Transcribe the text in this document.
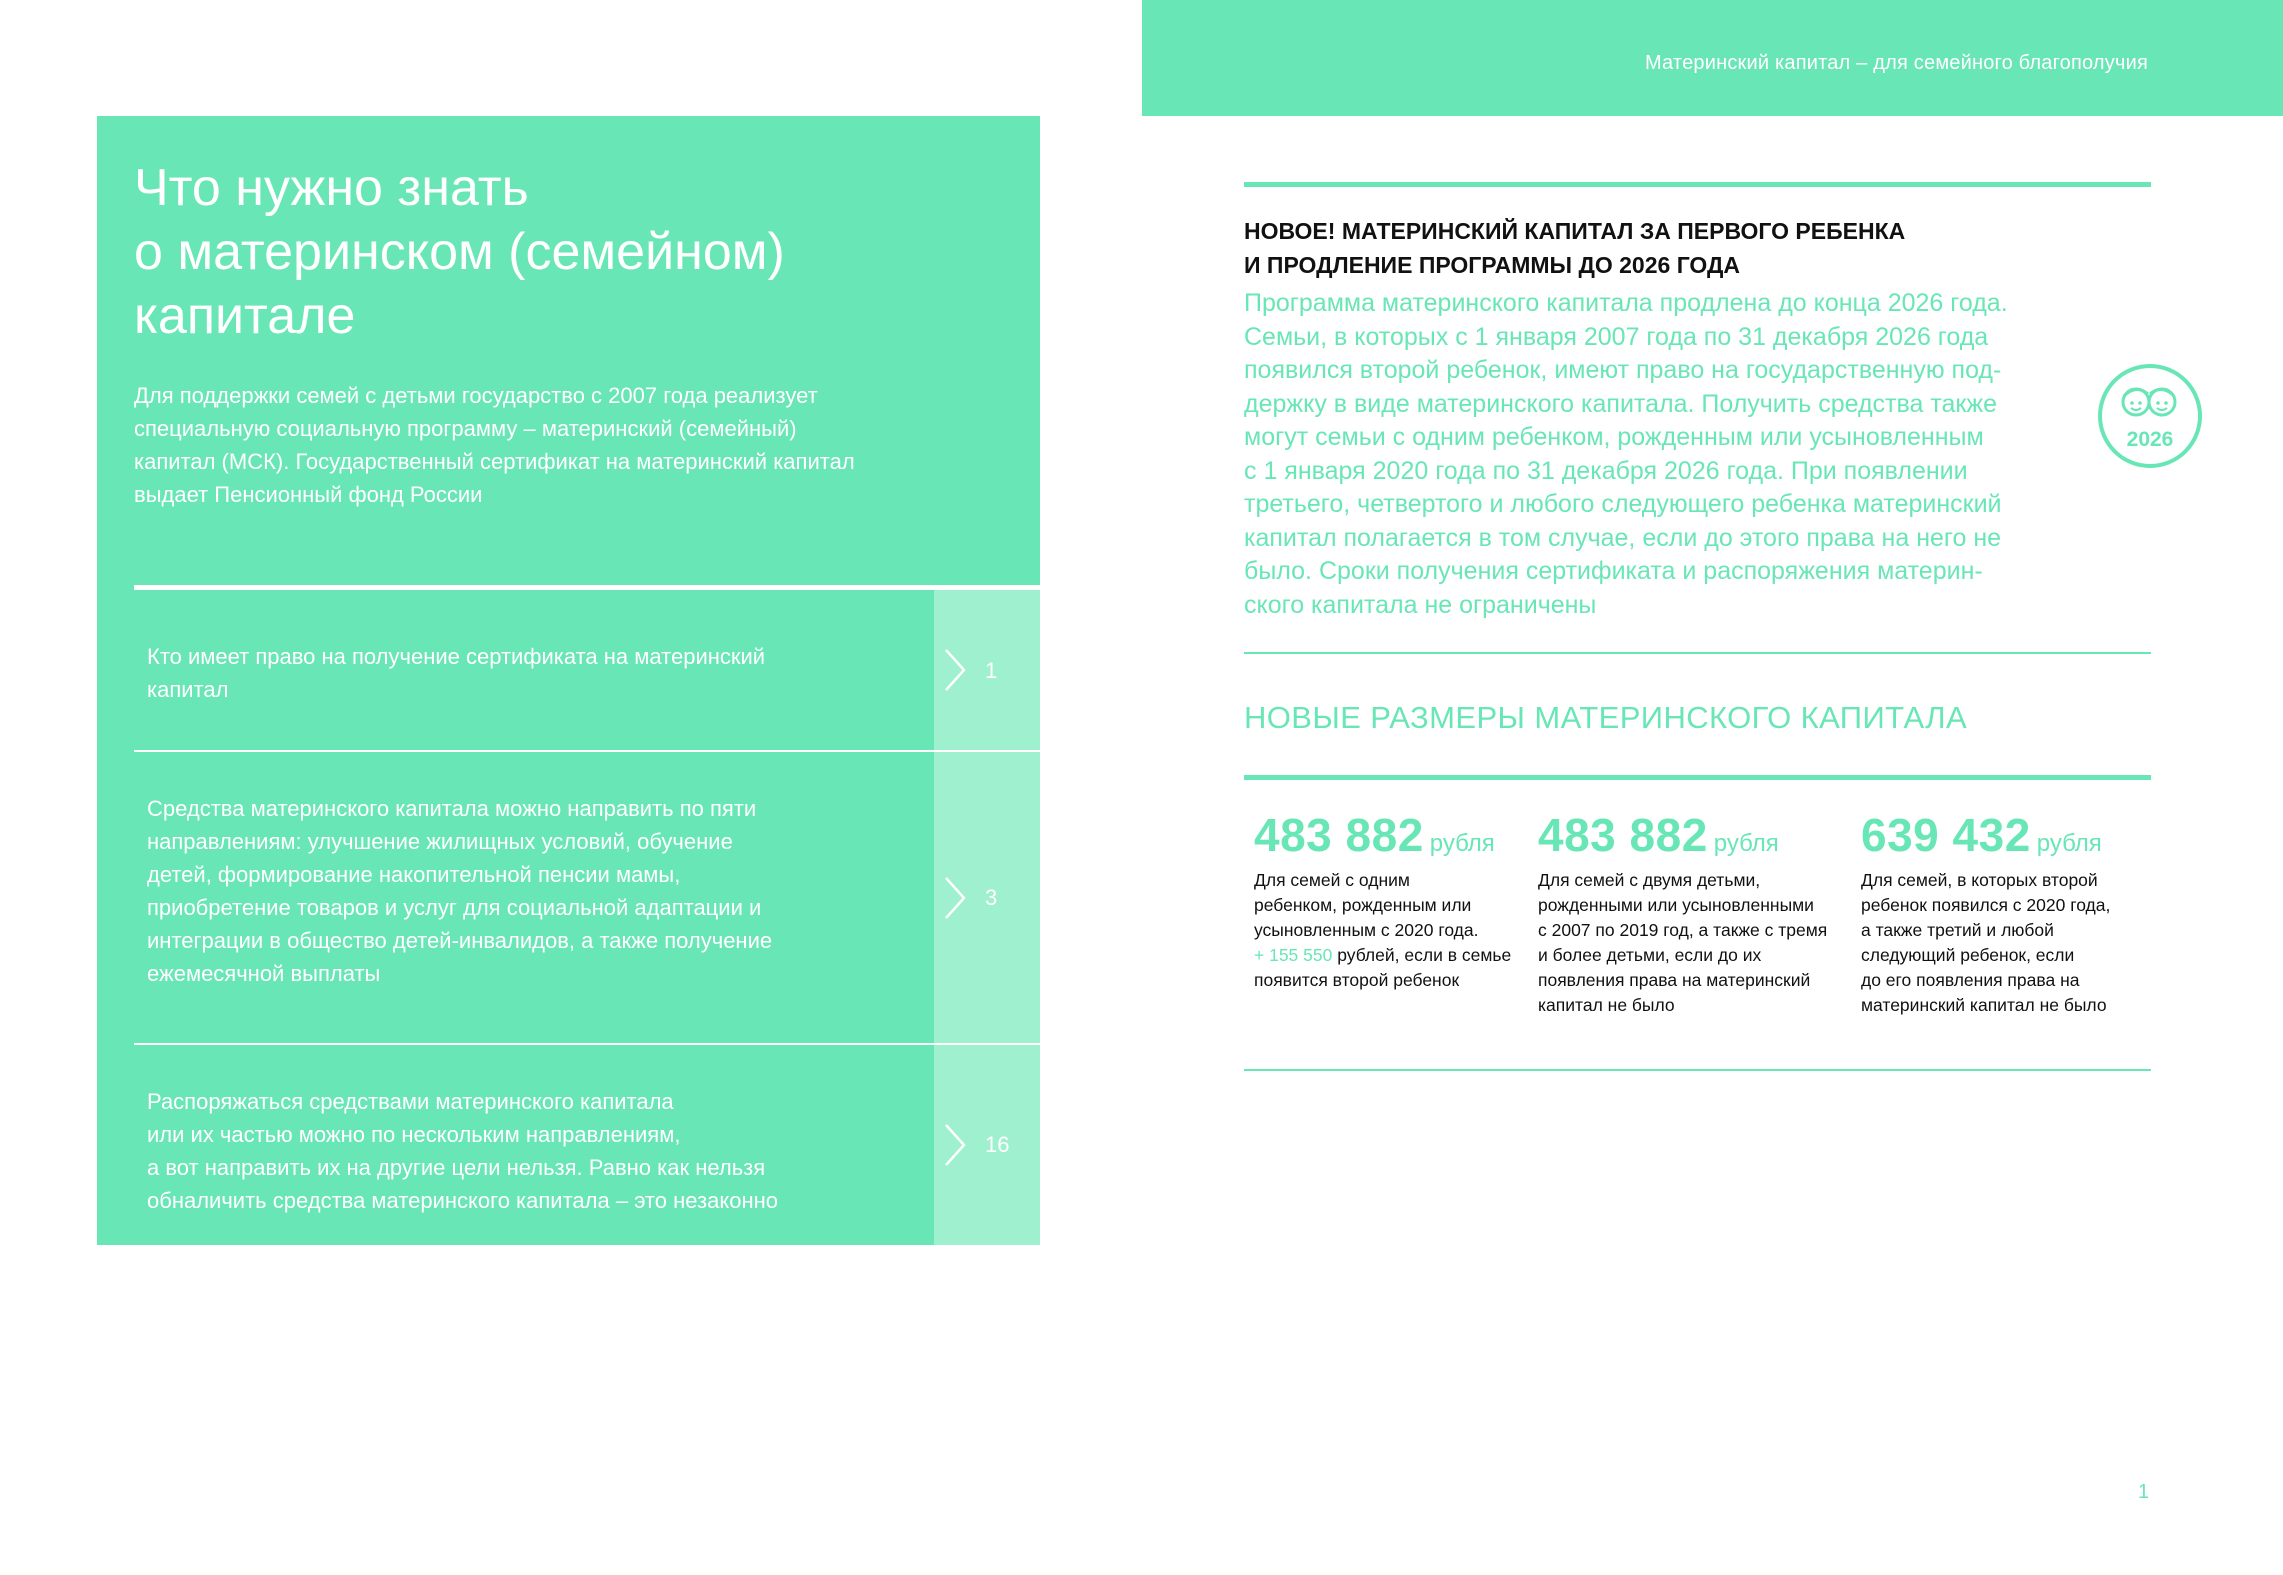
Материнский капитал – для семейного благополучия
Что нужно знать
о материнском (семейном)
капитале
Для поддержки семей с детьми государство с 2007 года реализует
специальную социальную программу – материнский (семейный)
капитал (МСК). Государственный сертификат на материнский капитал
выдает Пенсионный фонд России
Кто имеет право на получение сертификата на материнский
капитал
1
Средства материнского капитала можно направить по пяти
направлениям: улучшение жилищных условий, обучение
детей, формирование накопительной пенсии мамы,
приобретение товаров и услуг для социальной адаптации и
интеграции в общество детей-инвалидов, а также получение
ежемесячной выплаты
3
Распоряжаться средствами материнского капитала
или их частью можно по нескольким направлениям,
а вот направить их на другие цели нельзя. Равно как нельзя
обналичить средства материнского капитала – это незаконно
16
НОВОЕ! МАТЕРИНСКИЙ КАПИТАЛ ЗА ПЕРВОГО РЕБЕНКА
И ПРОДЛЕНИЕ ПРОГРАММЫ ДО 2026 ГОДА
Программа материнского капитала продлена до конца 2026 года.
Семьи, в которых с 1 января 2007 года по 31 декабря 2026 года
появился второй ребенок, имеют право на государственную под-
держку в виде материнского капитала. Получить средства также
могут семьи с одним ребенком, рожденным или усыновленным
с 1 января 2020 года по 31 декабря 2026 года. При появлении
третьего, четвертого и любого следующего ребенка материнский
капитал полагается в том случае, если до этого права на него не
было. Сроки получения сертификата и распоряжения материн-
ского капитала не ограничены
2026
НОВЫЕ РАЗМЕРЫ МАТЕРИНСКОГО КАПИТАЛА
483 882 рубля
Для семей с одним
ребенком, рожденным или
усыновленным с 2020 года.
+ 155 550 рублей, если в семье
появится второй ребенок
483 882 рубля
Для семей с двумя детьми,
рожденными или усыновленными
с 2007 по 2019 год, а также с тремя
и более детьми, если до их
появления права на материнский
капитал не было
639 432 рубля
Для семей, в которых второй
ребенок появился с 2020 года,
а также третий и любой
следующий ребенок, если
до его появления права на
материнский капитал не было
1
